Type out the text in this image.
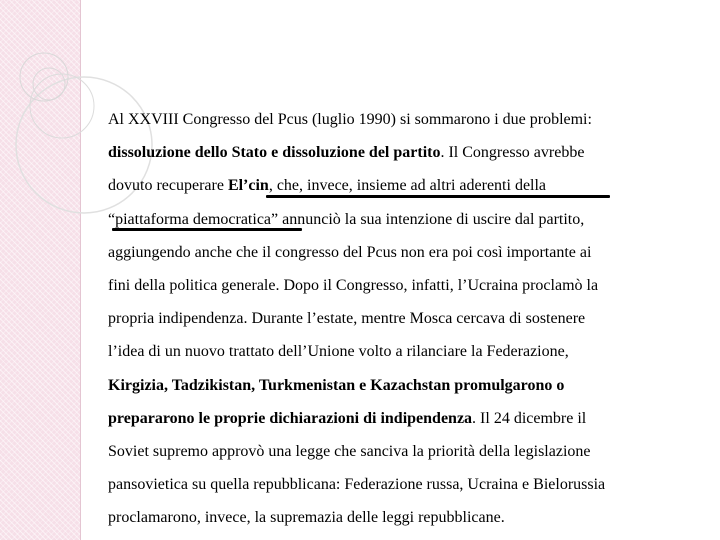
Al XXVIII Congresso del Pcus (luglio 1990) si sommarono i due problemi:
dissoluzione dello Stato e dissoluzione del partito. Il Congresso avrebbe
dovuto recuperare El’cin, che, invece, insieme ad altri aderenti della
“piattaforma democratica” annunciò la sua intenzione di uscire dal partito,
aggiungendo anche che il congresso del Pcus non era poi così importante ai
fini della politica generale. Dopo il Congresso, infatti, l’Ucraina proclamò la
propria indipendenza. Durante l’estate, mentre Mosca cercava di sostenere
l’idea di un nuovo trattato dell’Unione volto a rilanciare la Federazione,
Kirgizia, Tadzikistan, Turkmenistan e Kazachstan promulgarono o
prepararono le proprie dichiarazioni di indipendenza. Il 24 dicembre il
Soviet supremo approvò una legge che sanciva la priorità della legislazione
pansovietica su quella repubblicana: Federazione russa, Ucraina e Bielorussia
proclamarono, invece, la supremazia delle leggi repubblicane.
